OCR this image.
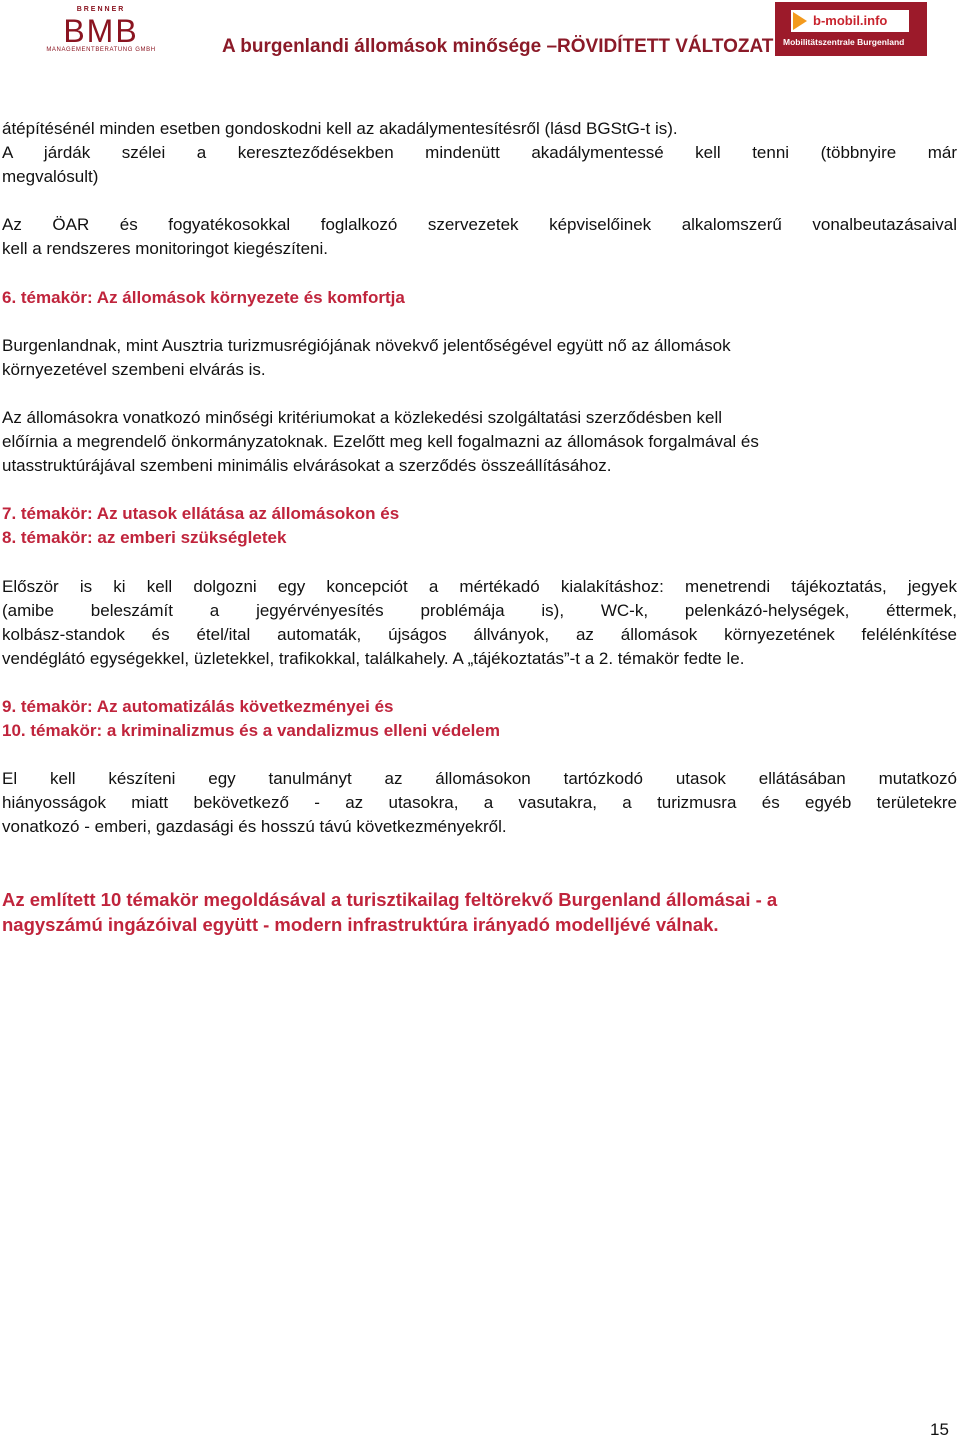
BRENNER
BMB
MANAGEMENTBERATUNG GMBH	A burgenlandi állomások minősége –RÖVIDÍTETT VÁLTOZAT
b-mobil.info
Mobilitätszentrale Burgenland

átépítésénél minden esetben gondoskodni kell az akadálymentesítésről (lásd BGStG-t is).

A járdák szélei a kereszteződésekben mindenütt akadálymentessé kell tenni (többnyire már

megvalósult)

Az ÖAR és fogyatékosokkal foglalkozó szervezetek képviselőinek alkalomszerű vonalbeutazásaival

kell a rendszeres monitoringot kiegészíteni.

6. témakör: Az állomások környezete és komfortja

Burgenlandnak, mint Ausztria turizmusrégiójának növekvő jelentőségével együtt nő az állomások

környezetével szembeni elvárás is.

Az állomásokra vonatkozó minőségi kritériumokat a közlekedési szolgáltatási szerződésben kell

előírnia a megrendelő önkormányzatoknak. Ezelőtt meg kell fogalmazni az állomások forgalmával és

utasstruktúrájával szembeni minimális elvárásokat a szerződés összeállításához.

7. témakör: Az utasok ellátása az állomásokon és

8. témakör: az emberi szükségletek

Először is ki kell dolgozni egy koncepciót a mértékadó kialakításhoz: menetrendi tájékoztatás, jegyek

(amibe beleszámít a jegyérvényesítés problémája is), WC-k, pelenkázó-helységek, éttermek,

kolbász-standok és étel/ital automaták, újságos állványok, az állomások környezetének felélénkítése

vendéglátó egységekkel, üzletekkel, trafikokkal, találkahely. A „tájékoztatás”-t a 2. témakör fedte le.

9. témakör: Az automatizálás következményei és

10. témakör: a kriminalizmus és a vandalizmus elleni védelem

El kell készíteni egy tanulmányt az állomásokon tartózkodó utasok ellátásában mutatkozó

hiányosságok miatt bekövetkező - az utasokra, a vasutakra, a turizmusra és egyéb területekre

vonatkozó - emberi, gazdasági és hosszú távú következményekről.

Az említett 10 témakör megoldásával a turisztikailag feltörekvő Burgenland állomásai - a

nagyszámú ingázóival együtt - modern infrastruktúra irányadó modelljévé válnak.

15
